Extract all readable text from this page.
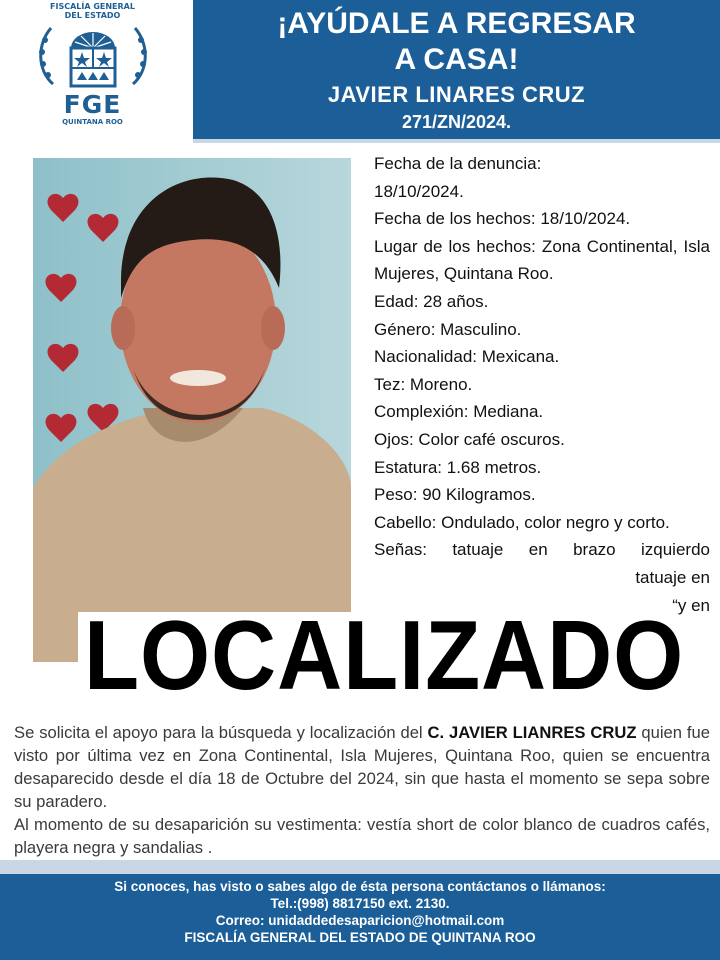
FISCALÍA GENERAL
DEL ESTADO
FGE
QUINTANA ROO
¡AYÚDALE A REGRESAR
A CASA!
JAVIER LINARES CRUZ
271/ZN/2024.
Fecha de la denuncia:
18/10/2024.
Fecha de los hechos: 18/10/2024.
Lugar de los hechos: Zona Continental, Isla Mujeres, Quintana Roo.
Edad: 28 años.
Género: Masculino.
Nacionalidad: Mexicana.
Tez: Moreno.
Complexión: Mediana.
Ojos: Color café oscuros.
Estatura: 1.68 metros.
Peso: 90 Kilogramos.
Cabello: Ondulado, color negro y corto.
Señas: tatuaje en brazo izquierdo
tatuaje en
“y en
LOCALIZADO
Se solicita el apoyo para la búsqueda y localización del C. JAVIER LIANRES CRUZ quien fue visto por última vez en Zona Continental, Isla Mujeres, Quintana Roo, quien se encuentra desaparecido desde el día 18 de Octubre del 2024, sin que hasta el momento se sepa sobre su paradero.
Al momento de su desaparición su vestimenta: vestía short de color blanco de cuadros cafés, playera negra y sandalias .
Si conoces, has visto o sabes algo de ésta persona contáctanos o llámanos:
Tel.:(998) 8817150 ext. 2130.
Correo: unidaddedesaparicion@hotmail.com
FISCALÍA GENERAL DEL ESTADO DE QUINTANA ROO
